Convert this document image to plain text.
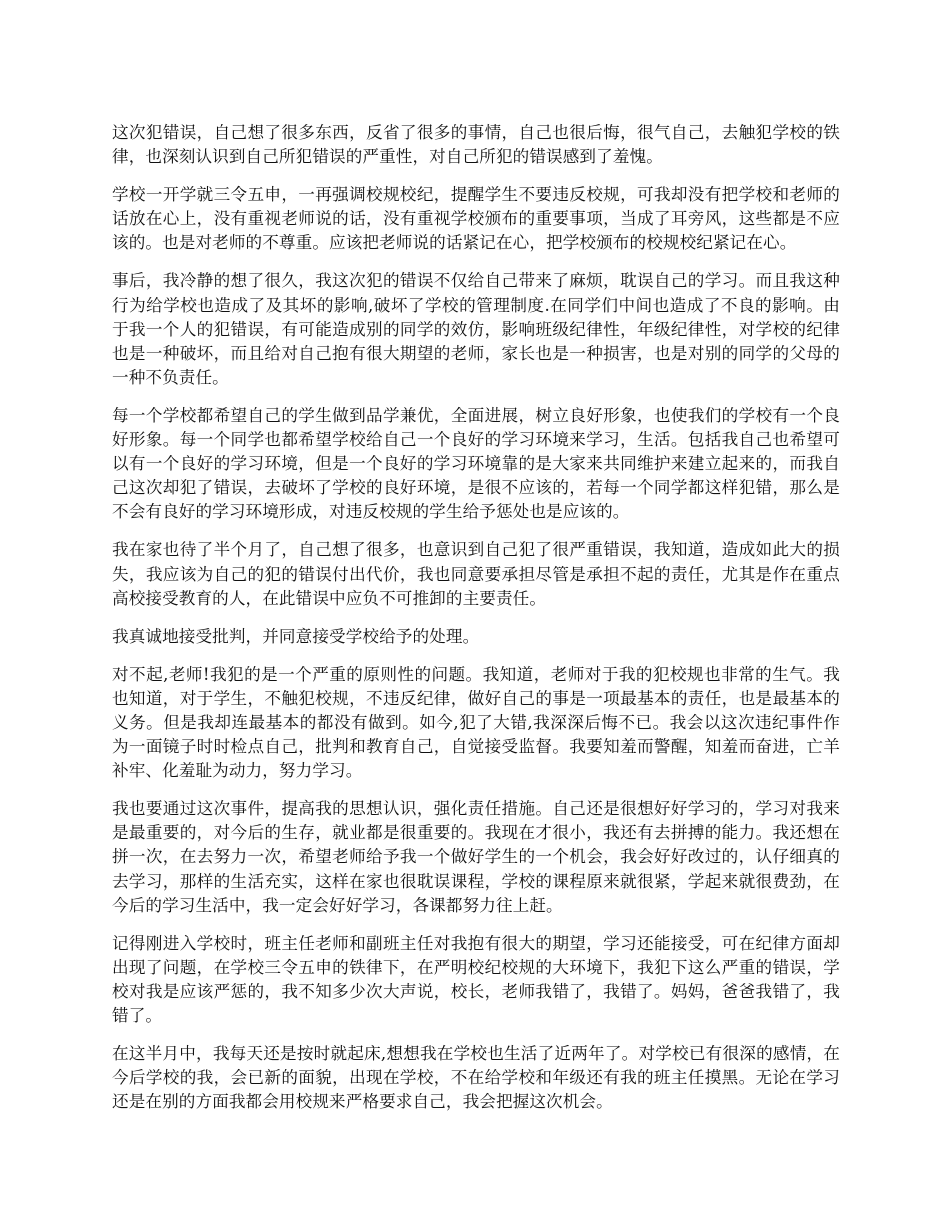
这次犯错误，自己想了很多东西，反省了很多的事情，自己也很后悔，很气自己，去触犯学校的铁律，也深刻认识到自己所犯错误的严重性，对自己所犯的错误感到了羞愧。

学校一开学就三令五申，一再强调校规校纪，提醒学生不要违反校规，可我却没有把学校和老师的话放在心上，没有重视老师说的话，没有重视学校颁布的重要事项，当成了耳旁风，这些都是不应该的。也是对老师的不尊重。应该把老师说的话紧记在心，把学校颁布的校规校纪紧记在心。

事后，我冷静的想了很久，我这次犯的错误不仅给自己带来了麻烦，耽误自己的学习。而且我这种行为给学校也造成了及其坏的影响,破坏了学校的管理制度.在同学们中间也造成了不良的影响。由于我一个人的犯错误，有可能造成别的同学的效仿，影响班级纪律性，年级纪律性，对学校的纪律也是一种破坏，而且给对自己抱有很大期望的老师，家长也是一种损害，也是对别的同学的父母的一种不负责任。

每一个学校都希望自己的学生做到品学兼优，全面进展，树立良好形象，也使我们的学校有一个良好形象。每一个同学也都希望学校给自己一个良好的学习环境来学习，生活。包括我自己也希望可以有一个良好的学习环境，但是一个良好的学习环境靠的是大家来共同维护来建立起来的，而我自己这次却犯了错误，去破坏了学校的良好环境，是很不应该的，若每一个同学都这样犯错，那么是不会有良好的学习环境形成，对违反校规的学生给予惩处也是应该的。

我在家也待了半个月了，自己想了很多，也意识到自己犯了很严重错误，我知道，造成如此大的损失，我应该为自己的犯的错误付出代价，我也同意要承担尽管是承担不起的责任，尤其是作在重点高校接受教育的人，在此错误中应负不可推卸的主要责任。

我真诚地接受批判，并同意接受学校给予的处理。

对不起,老师!我犯的是一个严重的原则性的问题。我知道，老师对于我的犯校规也非常的生气。我也知道，对于学生，不触犯校规，不违反纪律，做好自己的事是一项最基本的责任，也是最基本的义务。但是我却连最基本的都没有做到。如今,犯了大错,我深深后悔不已。我会以这次违纪事件作为一面镜子时时检点自己，批判和教育自己，自觉接受监督。我要知羞而警醒，知羞而奋进，亡羊补牢、化羞耻为动力，努力学习。

我也要通过这次事件，提高我的思想认识，强化责任措施。自己还是很想好好学习的，学习对我来是最重要的，对今后的生存，就业都是很重要的。我现在才很小，我还有去拼搏的能力。我还想在拼一次，在去努力一次，希望老师给予我一个做好学生的一个机会，我会好好改过的，认仔细真的去学习，那样的生活充实，这样在家也很耽误课程，学校的课程原来就很紧，学起来就很费劲，在今后的学习生活中，我一定会好好学习，各课都努力往上赶。

记得刚进入学校时，班主任老师和副班主任对我抱有很大的期望，学习还能接受，可在纪律方面却出现了问题，在学校三令五申的铁律下，在严明校纪校规的大环境下，我犯下这么严重的错误，学校对我是应该严惩的，我不知多少次大声说，校长，老师我错了，我错了。妈妈，爸爸我错了，我错了。

在这半月中，我每天还是按时就起床,想想我在学校也生活了近两年了。对学校已有很深的感情，在今后学校的我，会已新的面貌，出现在学校，不在给学校和年级还有我的班主任摸黑。无论在学习还是在别的方面我都会用校规来严格要求自己，我会把握这次机会。
